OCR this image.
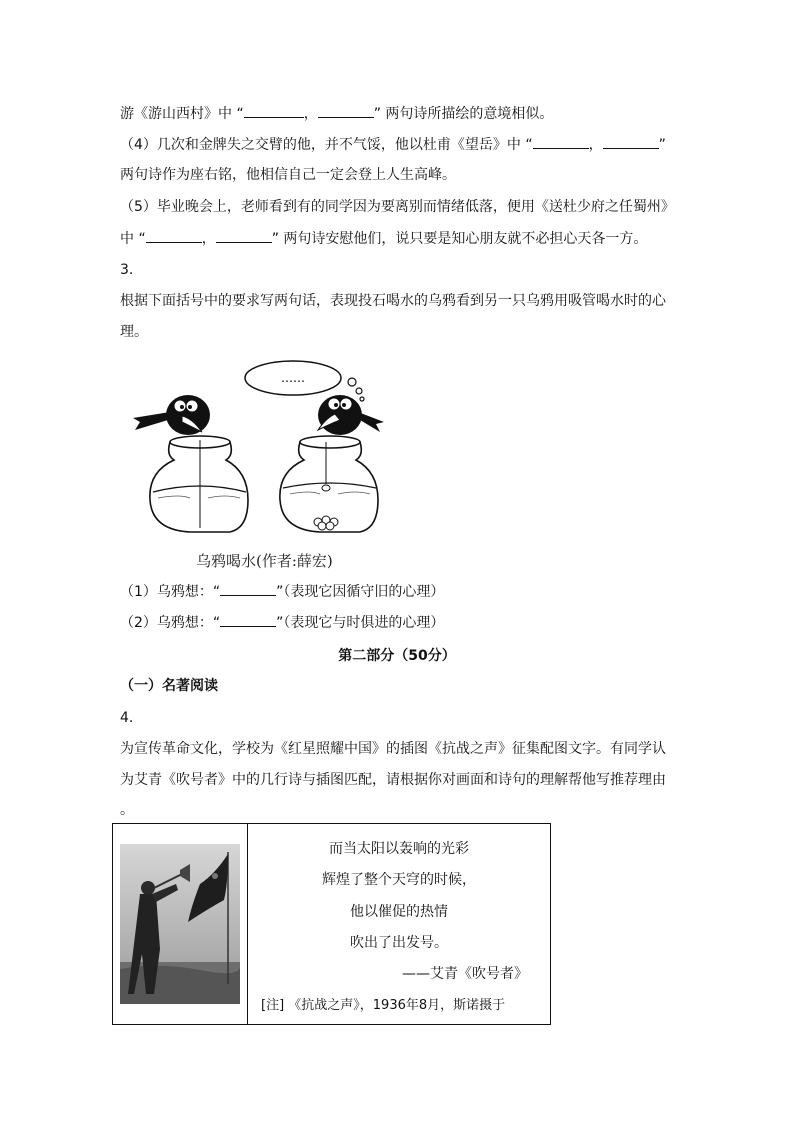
游《游山西村》中 “	，	” 两句诗所描绘的意境相似。
（4）几次和金牌失之交臂的他，并不气馁，他以杜甫《望岳》中 “	，	”
两句诗作为座右铭，他相信自己一定会登上人生高峰。
（5）毕业晚会上，老师看到有的同学因为要离别而情绪低落，便用《送杜少府之任蜀州》
中 “	，	” 两句诗安慰他们，说只要是知心朋友就不必担心天各一方。
3.
根据下面括号中的要求写两句话，表现投石喝水的乌鸦看到另一只乌鸦用吸管喝水时的心
理。
……
乌鸦喝水(作者:薛宏)
（1）乌鸦想：“	”（表现它因循守旧的心理）
（2）乌鸦想：“	”（表现它与时俱进的心理）
第二部分（50分）
（一）名著阅读
4.
为宣传革命文化，学校为《红星照耀中国》的插图《抗战之声》征集配图文字。有同学认
为艾青《吹号者》中的几行诗与插图匹配，请根据你对画面和诗句的理解帮他写推荐理由
。
而当太阳以轰响的光彩
辉煌了整个天穹的时候，
他以催促的热情
吹出了出发号。
——艾青《吹号者》
[注] 《抗战之声》，1936年8月，斯诺摄于
